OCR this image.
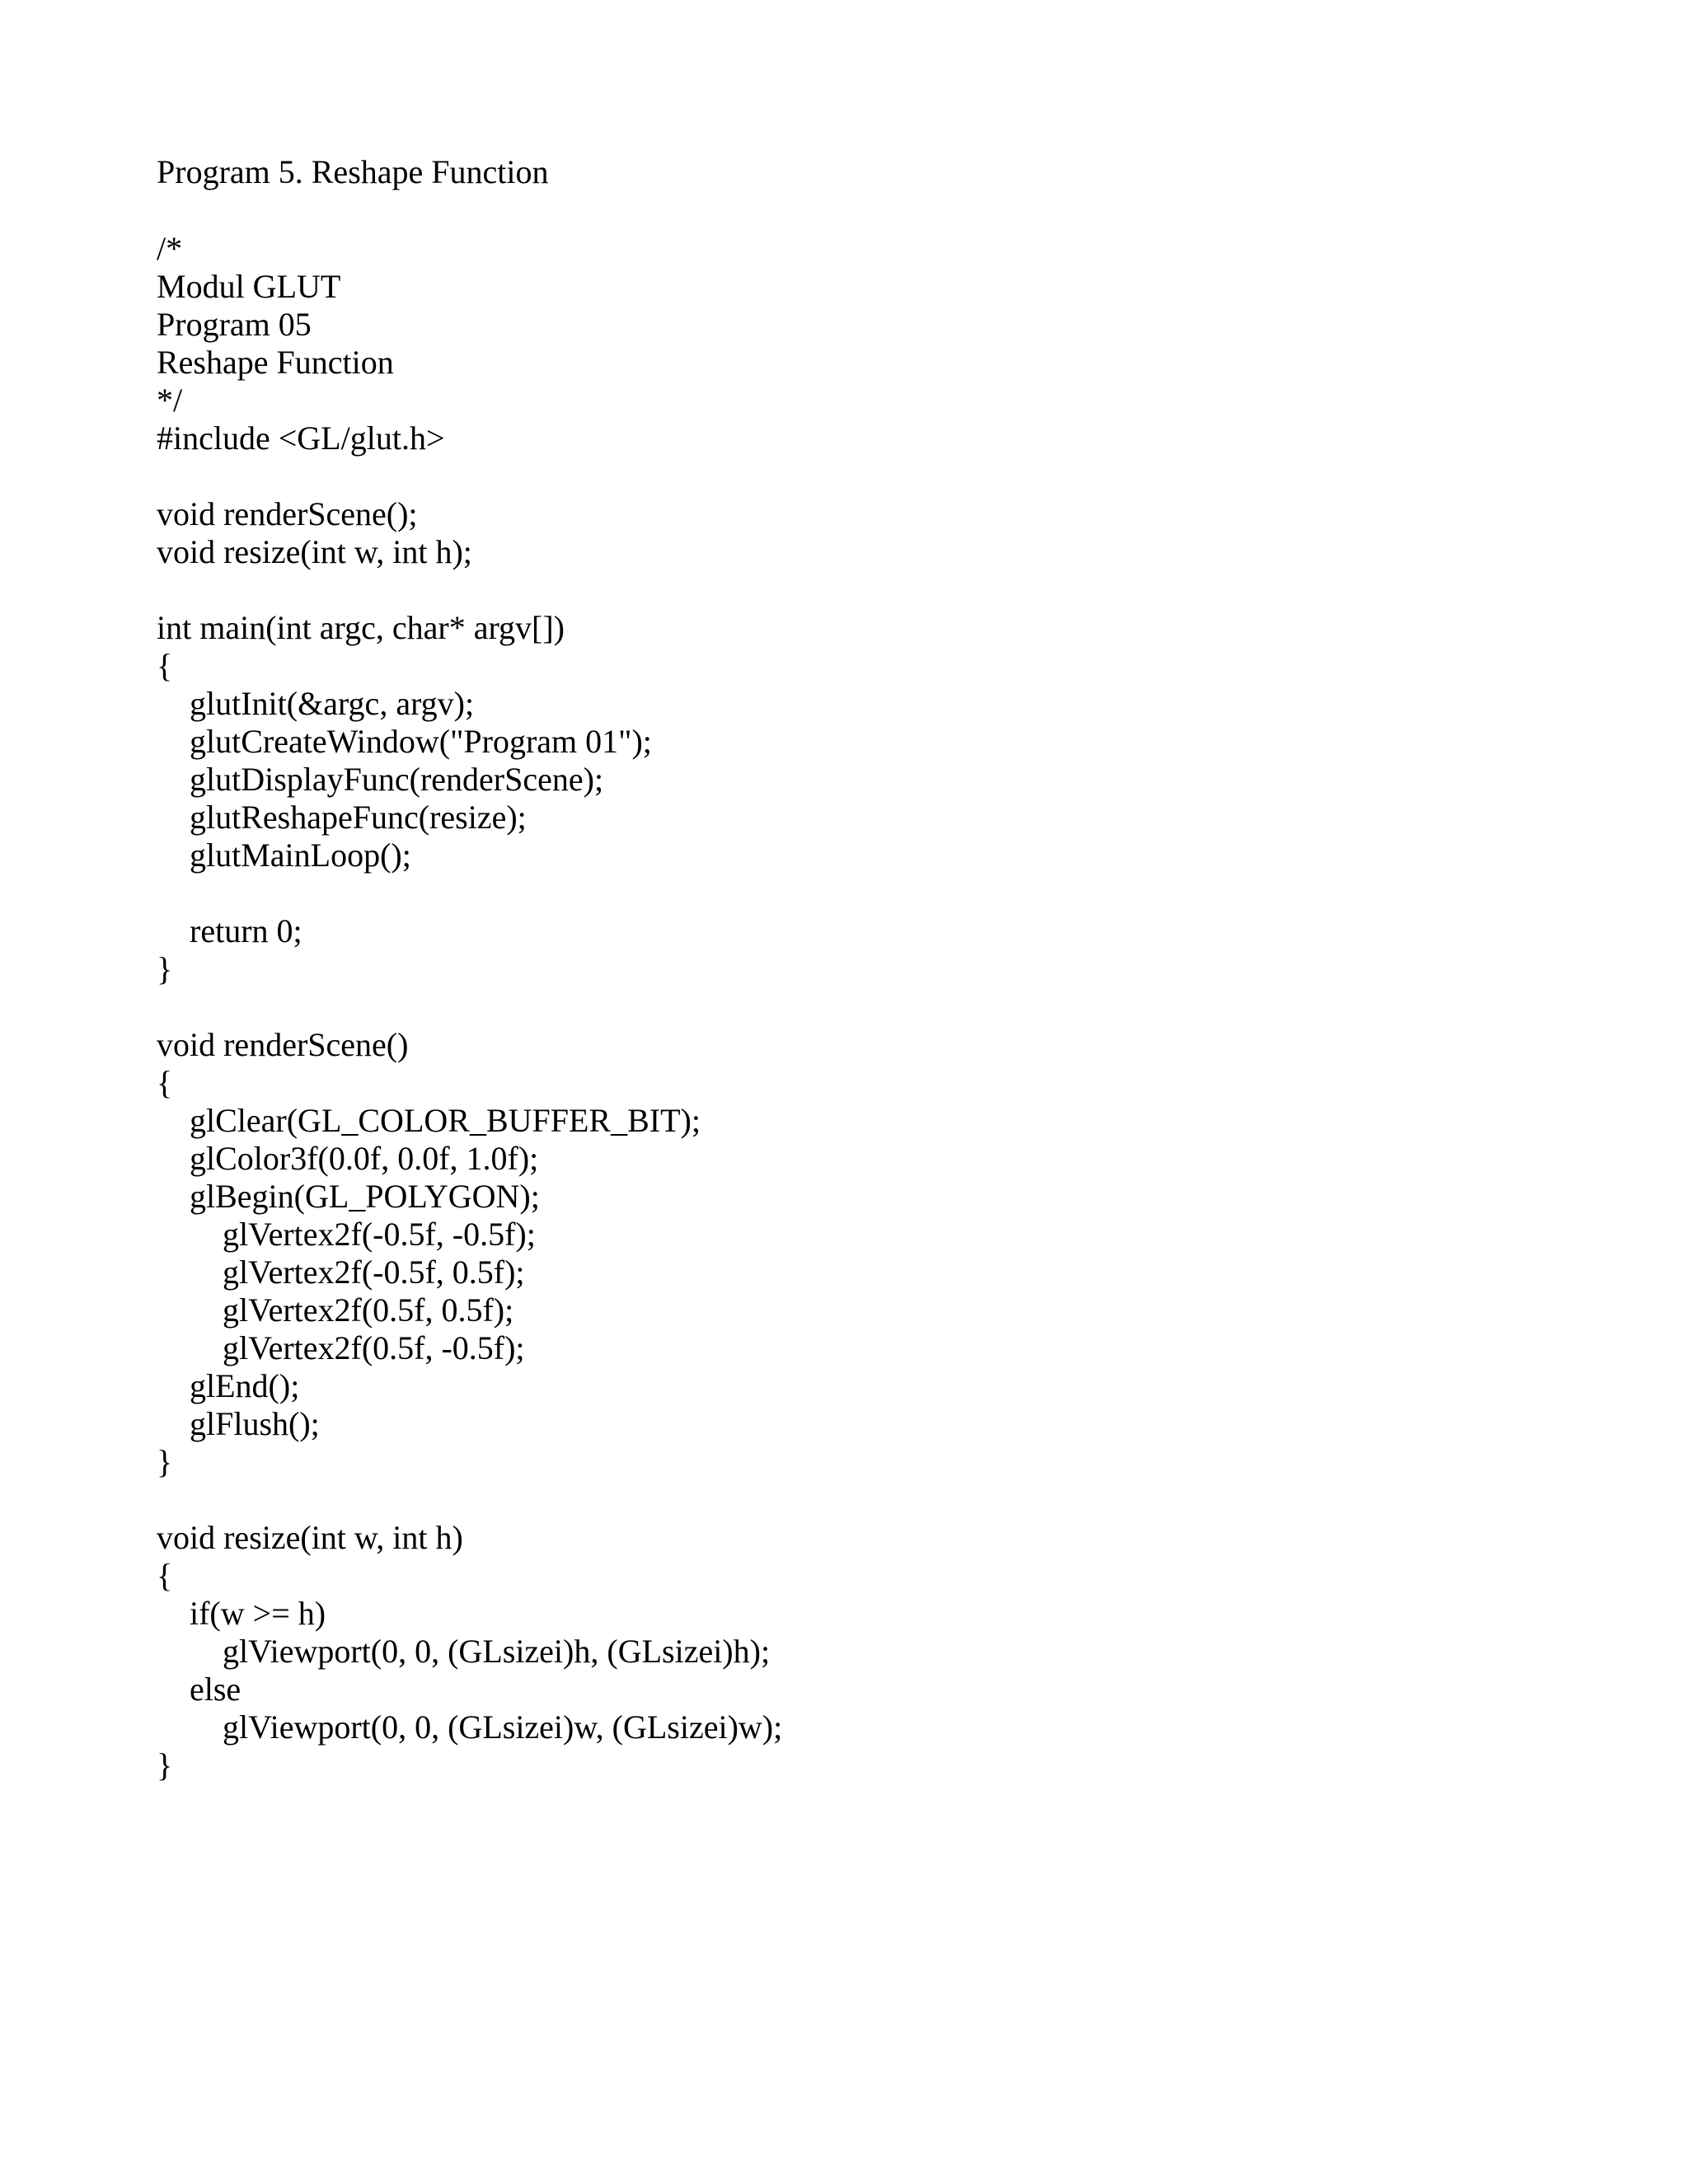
Program 5. Reshape Function
/*
Modul GLUT
Program 05
Reshape Function
*/
#include <GL/glut.h>
void renderScene();
void resize(int w, int h);
int main(int argc, char* argv[])
{
glutInit(&argc, argv);
glutCreateWindow("Program 01");
glutDisplayFunc(renderScene);
glutReshapeFunc(resize);
glutMainLoop();
return 0;
}
void renderScene()
{
glClear(GL_COLOR_BUFFER_BIT);
glColor3f(0.0f, 0.0f, 1.0f);
glBegin(GL_POLYGON);
glVertex2f(-0.5f, -0.5f);
glVertex2f(-0.5f, 0.5f);
glVertex2f(0.5f, 0.5f);
glVertex2f(0.5f, -0.5f);
glEnd();
glFlush();
}
void resize(int w, int h)
{
if(w >= h)
glViewport(0, 0, (GLsizei)h, (GLsizei)h);
else
glViewport(0, 0, (GLsizei)w, (GLsizei)w);
}
